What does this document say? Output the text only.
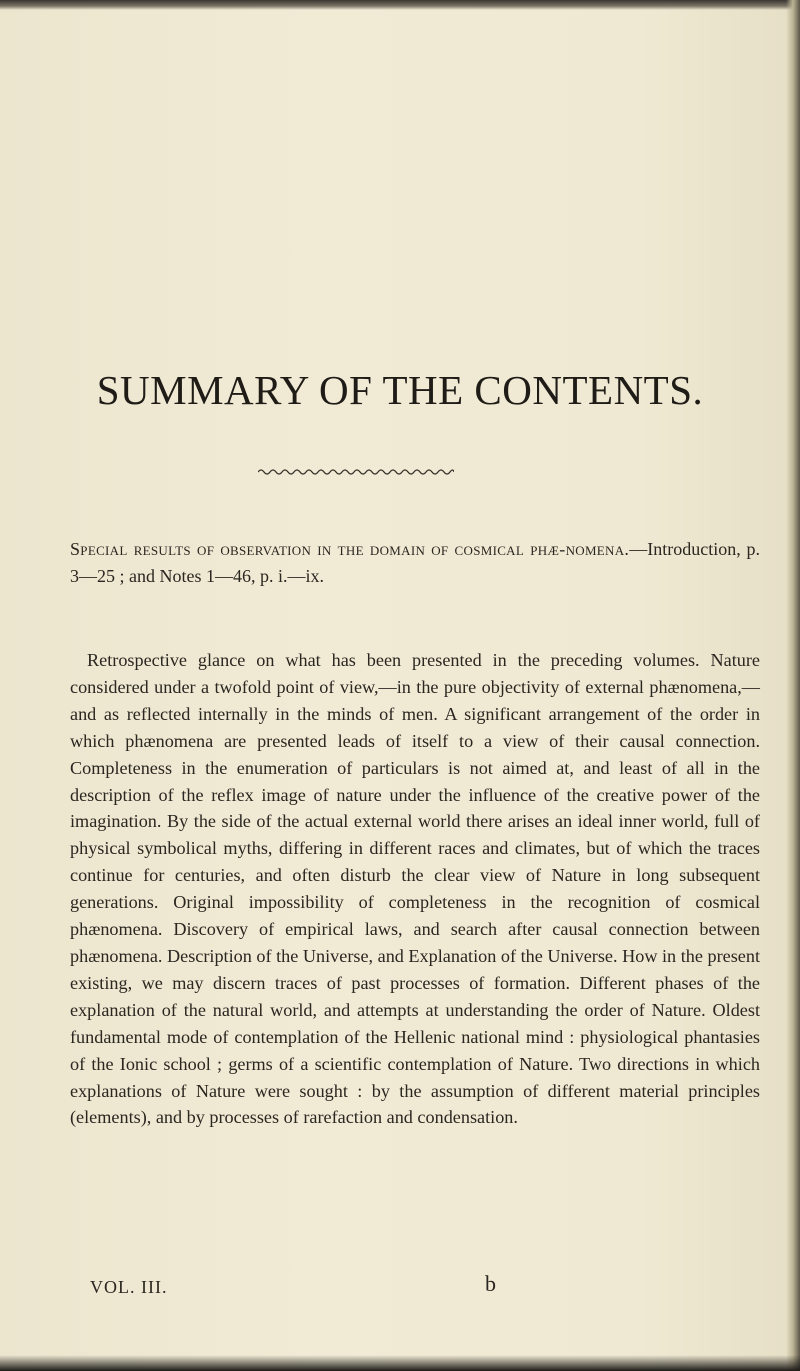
SUMMARY OF THE CONTENTS.

Special results of observation in the domain of cosmical phæ-nomena.—Introduction, p. 3—25 ; and Notes 1—46, p. i.—ix.

Retrospective glance on what has been presented in the preceding volumes. Nature considered under a twofold point of view,—in the pure objectivity of external phænomena,—and as reflected internally in the minds of men. A significant arrangement of the order in which phænomena are presented leads of itself to a view of their causal connection. Completeness in the enumeration of particulars is not aimed at, and least of all in the description of the reflex image of nature under the influence of the creative power of the imagination. By the side of the actual external world there arises an ideal inner world, full of physical symbolical myths, differing in different races and climates, but of which the traces continue for centuries, and often disturb the clear view of Nature in long subsequent generations. Original impossibility of completeness in the recognition of cosmical phænomena. Discovery of empirical laws, and search after causal connection between phænomena. Description of the Universe, and Explanation of the Universe. How in the present existing, we may discern traces of past processes of formation. Different phases of the explanation of the natural world, and attempts at understanding the order of Nature. Oldest fundamental mode of contemplation of the Hellenic national mind : physiological phantasies of the Ionic school ; germs of a scientific contemplation of Nature. Two directions in which explanations of Nature were sought : by the assumption of different material principles (elements), and by processes of rarefaction and condensation.

VOL. III.	b
